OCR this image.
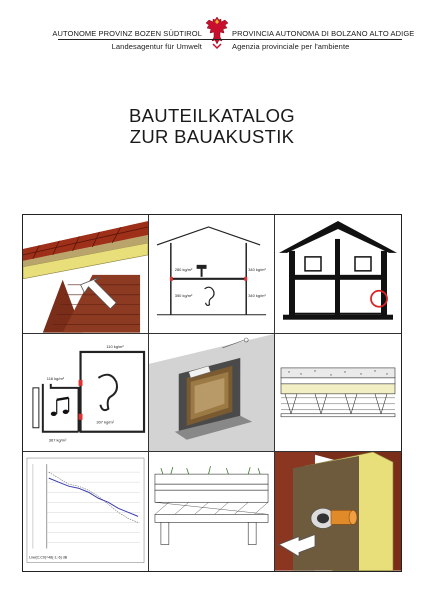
AUTONOME PROVINZ BOZEN SÜDTIROL
Landesagentur für Umwelt
PROVINCIA AUTONOMA DI BOLZANO ALTO ADIGE
Agenzia provinciale per l'ambiente
BAUTEILKATALOG
ZUR BAUAKUSTIK
280 kg/m²	340 kg/m²
350 kg/m²	340 kg/m²
110 kg/m²
116 kg/m²
307 kg/m²
367 kg/m²
Lnw(C;Ctr)=48(-1;-6) dB
